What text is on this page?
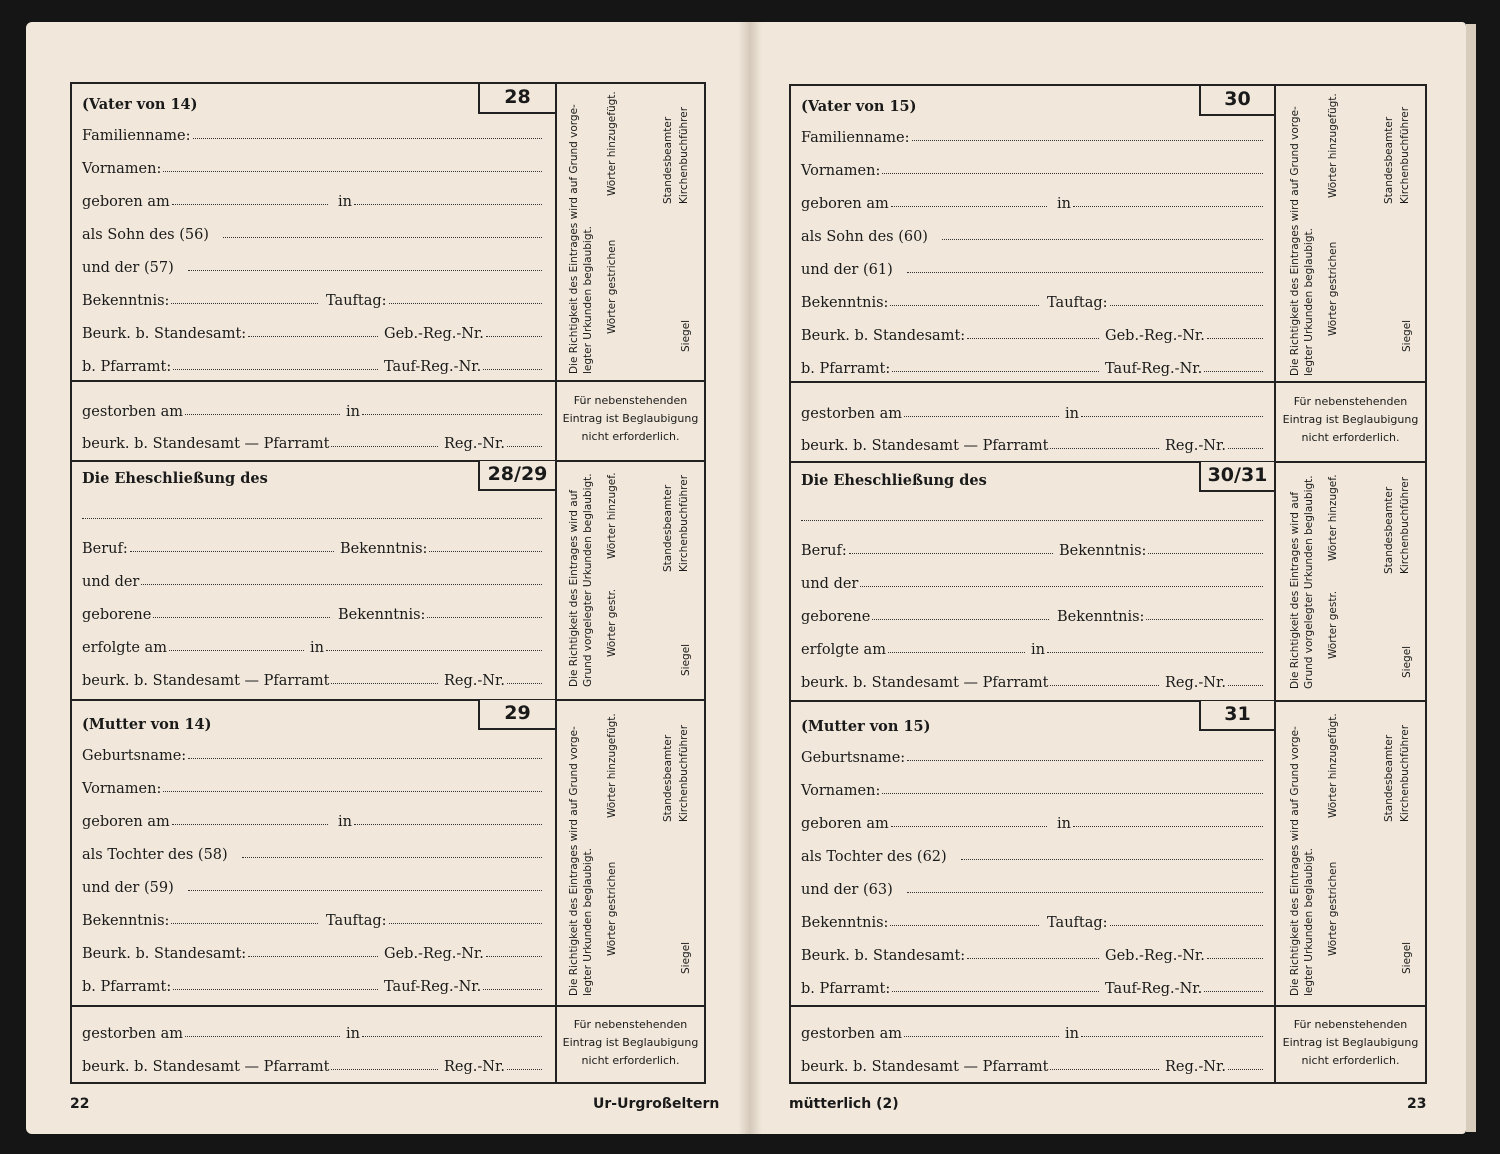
(Vater von 14)	28
Familienname:
Vornamen:
geboren am	in
als Sohn des (56)
und der (57)
Bekenntnis:	Tauftag:
Beurk. b. Standesamt:	Geb.-Reg.-Nr.
b. Pfarramt:	Tauf-Reg.-Nr.
gestorben am	in
beurk. b. Standesamt — Pfarramt	Reg.-Nr.
Die Eheschließung des	28/29
Beruf:	Bekenntnis:
und der
geborene	Bekenntnis:
erfolgte am	in
beurk. b. Standesamt — Pfarramt	Reg.-Nr.
(Mutter von 14)
29
Geburtsname:
Vornamen:
geboren am	in
als Tochter des (58)
und der (59)
Bekenntnis:	Tauftag:
Beurk. b. Standesamt:	Geb.-Reg.-Nr.
b. Pfarramt:	Tauf-Reg.-Nr.
gestorben am	in
beurk. b. Standesamt — Pfarramt	Reg.-Nr.
Die Richtigkeit des Eintrages wird auf Grund vorge- legter Urkunden beglaubigt. Wörter gestrichen
Wörter hinzugefügt.
Siegel
Standesbeamter Kirchenbuchführer
Für nebenstehenden
Eintrag ist Beglaubigung
nicht erforderlich.
Die Richtigkeit des Eintrages wird auf Grund vorgelegter Urkunden beglaubigt. Wörter gestr.
Wörter hinzugef.
Siegel
Standesbeamter Kirchenbuchführer
Die Richtigkeit des Eintrages wird auf Grund vorge- legter Urkunden beglaubigt. Wörter gestrichen
Wörter hinzugefügt.
Siegel
Standesbeamter Kirchenbuchführer
Für nebenstehenden
Eintrag ist Beglaubigung
nicht erforderlich.
22	Ur-Urgroßeltern
(Vater von 15)	30
Familienname:
Vornamen:
geboren am	in
als Sohn des (60)
und der (61)
Bekenntnis:	Tauftag:
Beurk. b. Standesamt:	Geb.-Reg.-Nr.
b. Pfarramt:	Tauf-Reg.-Nr.
gestorben am	in
beurk. b. Standesamt — Pfarramt	Reg.-Nr.
Die Eheschließung des	30/31
Beruf:	Bekenntnis:
und der
geborene	Bekenntnis:
erfolgte am	in
beurk. b. Standesamt — Pfarramt	Reg.-Nr.
(Mutter von 15)
31
Geburtsname:
Vornamen:
geboren am	in
als Tochter des (62)
und der (63)
Bekenntnis:	Tauftag:
Beurk. b. Standesamt:	Geb.-Reg.-Nr.
b. Pfarramt:	Tauf-Reg.-Nr.
gestorben am	in
beurk. b. Standesamt — Pfarramt	Reg.-Nr.
Die Richtigkeit des Eintrages wird auf Grund vorge- legter Urkunden beglaubigt. Wörter gestrichen
Wörter hinzugefügt.
Siegel
Standesbeamter Kirchenbuchführer
Für nebenstehenden
Eintrag ist Beglaubigung
nicht erforderlich.
Die Richtigkeit des Eintrages wird auf Grund vorgelegter Urkunden beglaubigt. Wörter gestr.
Wörter hinzugef.
Siegel
Standesbeamter Kirchenbuchführer
Die Richtigkeit des Eintrages wird auf Grund vorge- legter Urkunden beglaubigt. Wörter gestrichen
Wörter hinzugefügt.
Siegel
Standesbeamter Kirchenbuchführer
Für nebenstehenden
Eintrag ist Beglaubigung
nicht erforderlich.
mütterlich (2)	23
